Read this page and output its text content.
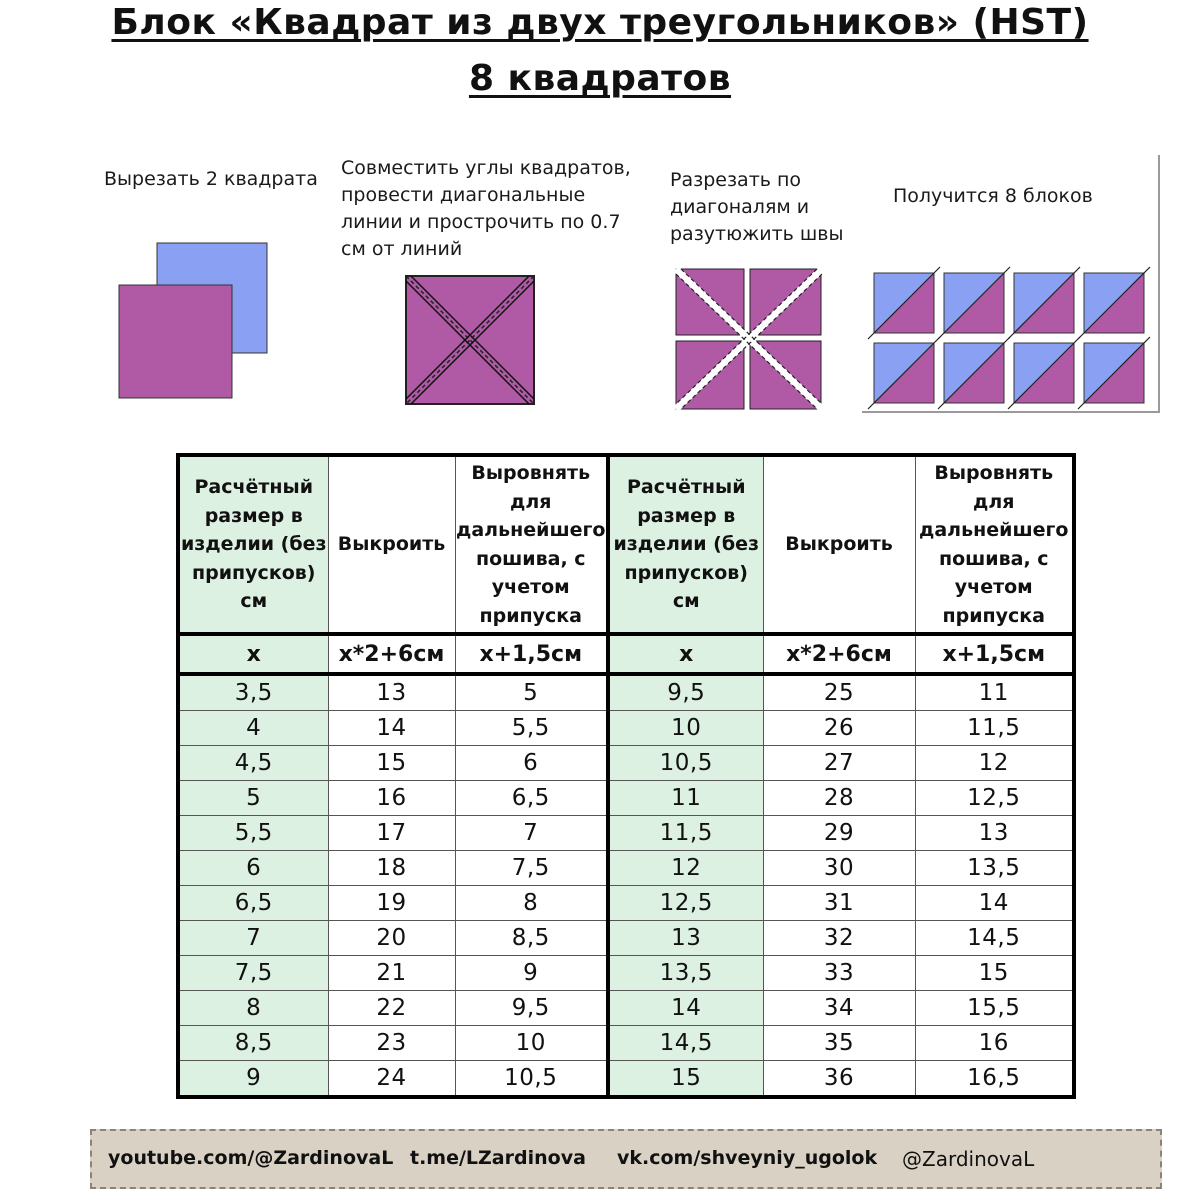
Блок «Квадрат из двух треугольников» (HST)
8 квадратов
Вырезать 2 квадрата	Совместить углы квадратов, провести диагональные линии и прострочить по 0.7 см от линий
Разрезать по диагоналям и разутюжить швы
Получится 8 блоков
Расчётный размер в изделии (без припусков) см	Выкроить	Выровнять для дальнейшего пошива, с учетом припуска	Расчётный размер в изделии (без припусков) см	Выкроить	Выровнять для дальнейшего пошива, с учетом припуска
x	x*2+6см	x+1,5см	x	x*2+6см	x+1,5см
3,5	13	5	9,5	25	11
4	14	5,5	10	26	11,5
4,5	15	6	10,5	27	12
5	16	6,5	11	28	12,5
5,5	17	7	11,5	29	13
6	18	7,5	12	30	13,5
6,5	19	8	12,5	31	14
7	20	8,5	13	32	14,5
7,5	21	9	13,5	33	15
8	22	9,5	14	34	15,5
8,5	23	10	14,5	35	16
9	24	10,5	15	36	16,5
youtube.com/@ZardinovaL t.me/LZardinova vk.com/shveyniy_ugolok @ZardinovaL
